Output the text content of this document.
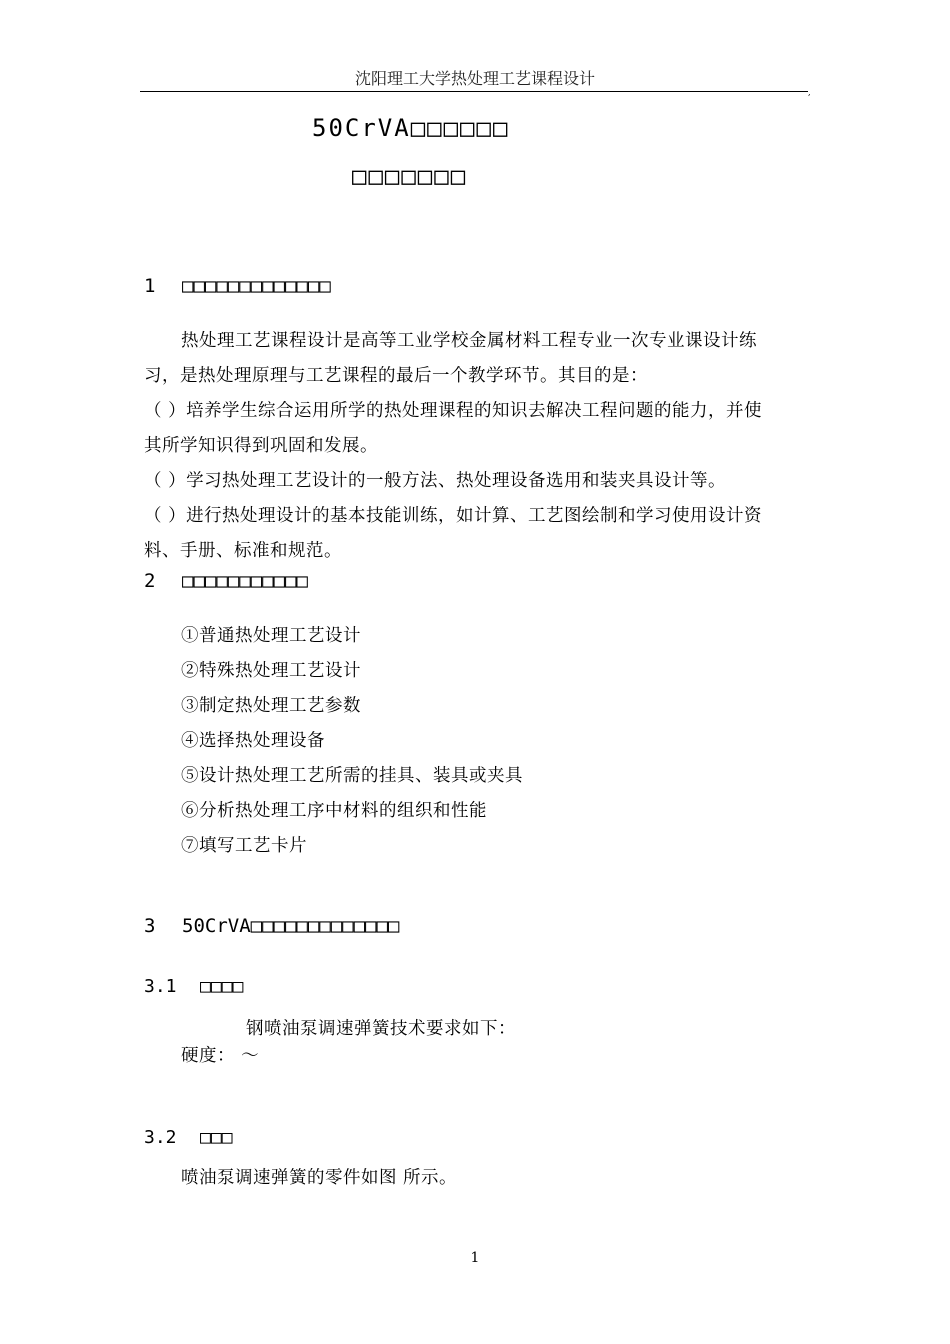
沈阳理工大学热处理工艺课程设计
,
50CrVA□□□□□□
□□□□□□□
1 □□□□□□□□□□□□□
热处理工艺课程设计是高等工业学校金属材料工程专业一次专业课设计练
习，是热处理原理与工艺课程的最后一个教学环节。其目的是：
（ ）培养学生综合运用所学的热处理课程的知识去解决工程问题的能力，并使
其所学知识得到巩固和发展。
（ ）学习热处理工艺设计的一般方法、热处理设备选用和装夹具设计等。
（ ）进行热处理设计的基本技能训练，如计算、工艺图绘制和学习使用设计资
料、手册、标准和规范。
2 □□□□□□□□□□□
①普通热处理工艺设计
②特殊热处理工艺设计
③制定热处理工艺参数
④选择热处理设备
⑤设计热处理工艺所需的挂具、装具或夹具
⑥分析热处理工序中材料的组织和性能
⑦填写工艺卡片
3 50CrVA□□□□□□□□□□□□□
3.1 □□□□
钢喷油泵调速弹簧技术要求如下：
硬度： ～
3.2 □□□
喷油泵调速弹簧的零件如图 所示。
1
